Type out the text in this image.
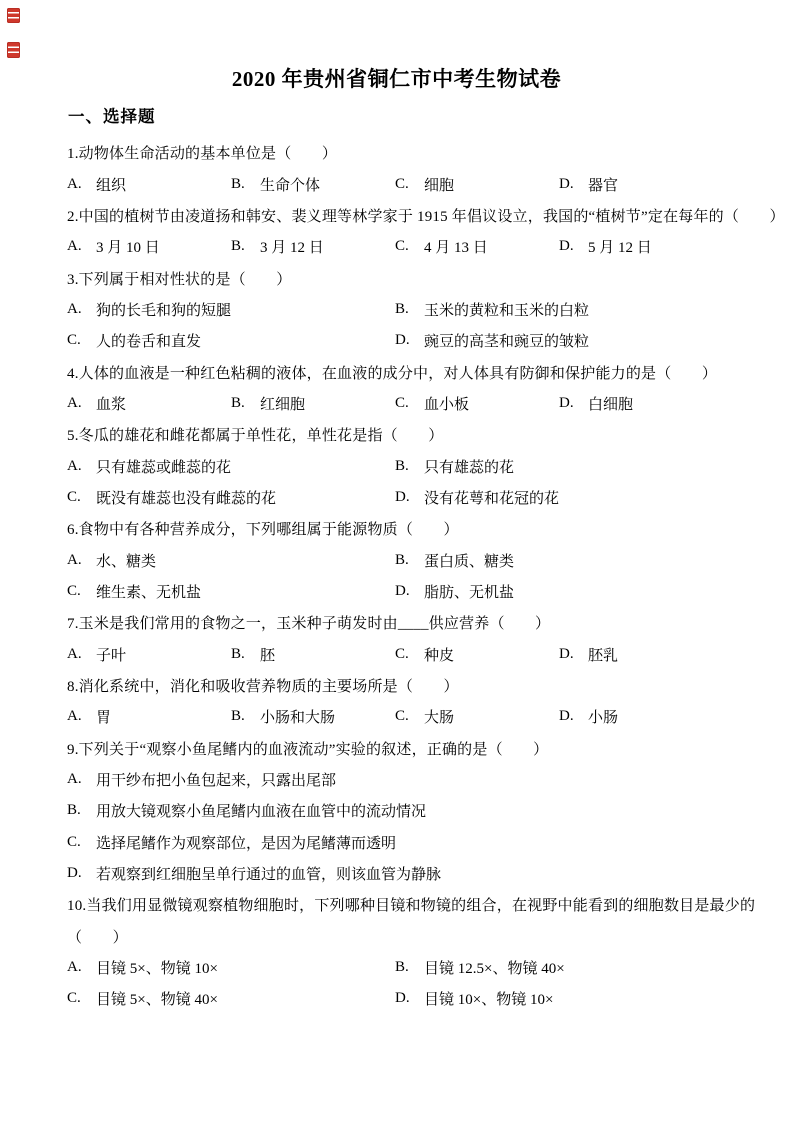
2020 年贵州省铜仁市中考生物试卷
一、选择题
1.动物体生命活动的基本单位是（　　）
A. 组织	B.	生命个体	C.	细胞	D. 器官
2.中国的植树节由凌道扬和韩安、裴义理等林学家于 1915 年倡议设立，我国的“植树节”定在每年的（　　）
A. 3 月 10 日	B.	3 月 12 日	C.	4 月 13 日	D. 5 月 12 日
3.下列属于相对性状的是（　　）
A. 狗的长毛和狗的短腿	B.	玉米的黄粒和玉米的白粒
C.	人的卷舌和直发	D. 豌豆的高茎和豌豆的皱粒
4.人体的血液是一种红色粘稠的液体，在血液的成分中，对人体具有防御和保护能力的是（　　）
A. 血浆	B.	红细胞	C.	血小板	D. 白细胞
5.冬瓜的雄花和雌花都属于单性花，单性花是指（　　）
A. 只有雄蕊或雌蕊的花	B.	只有雄蕊的花
C.	既没有雄蕊也没有雌蕊的花	D. 没有花萼和花冠的花
6.食物中有各种营养成分，下列哪组属于能源物质（　　）
A. 水、糖类	B.	蛋白质、糖类
C.	维生素、无机盐	D. 脂肪、无机盐
7.玉米是我们常用的食物之一，玉米种子萌发时由____供应营养（　　）
A. 子叶	B.	胚	C.	种皮	D. 胚乳
8.消化系统中，消化和吸收营养物质的主要场所是（　　）
A. 胃	B.	小肠和大肠	C.	大肠	D. 小肠
9.下列关于“观察小鱼尾鳍内的血液流动”实验的叙述，正确的是（　　）
A. 用干纱布把小鱼包起来，只露出尾部
B.	用放大镜观察小鱼尾鳍内血液在血管中的流动情况
C.	选择尾鳍作为观察部位，是因为尾鳍薄而透明
D. 若观察到红细胞呈单行通过的血管，则该血管为静脉
10.当我们用显微镜观察植物细胞时，下列哪种目镜和物镜的组合，在视野中能看到的细胞数目是最少的
（　　）
A. 目镜 5×、物镜 10×	B.	目镜 12.5×、物镜 40×
C.	目镜 5×、物镜 40×	D. 目镜 10×、物镜 10×
